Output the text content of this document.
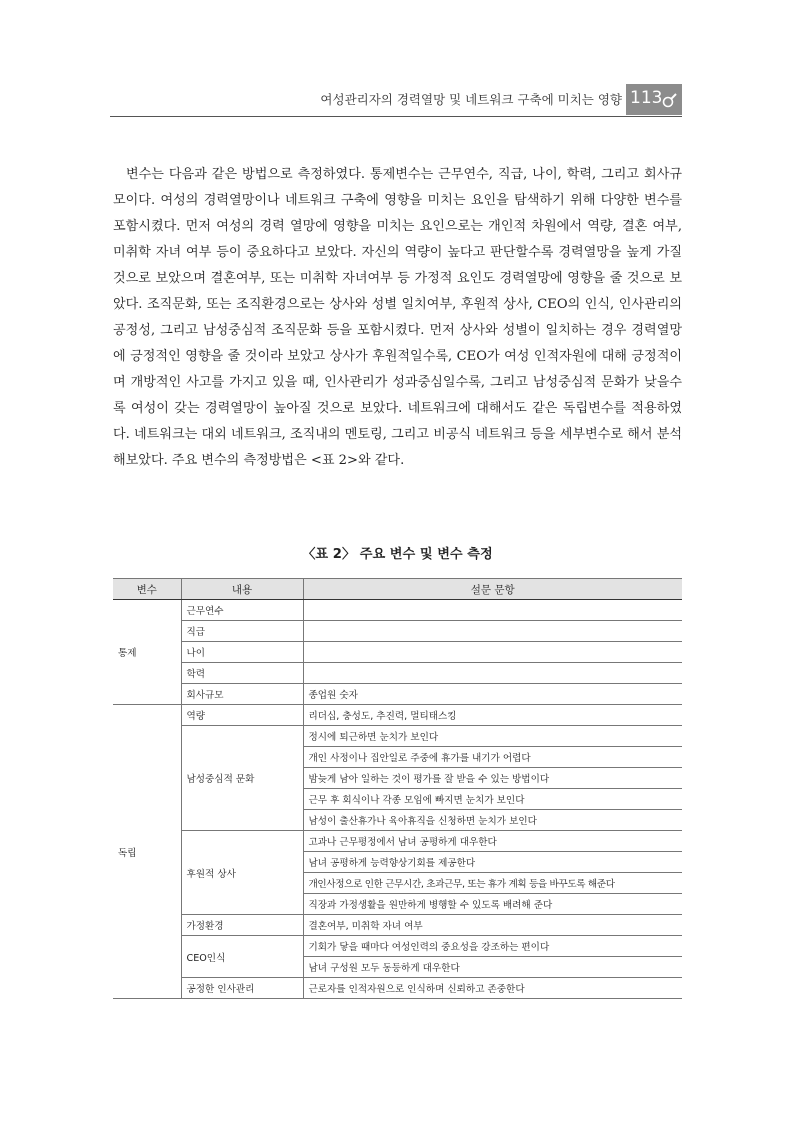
여성관리자의 경력열망 및 네트워크 구축에 미치는 영향 113

변수는 다음과 같은 방법으로 측정하였다. 통제변수는 근무연수, 직급, 나이, 학력, 그리고 회사규모이다. 여성의 경력열망이나 네트워크 구축에 영향을 미치는 요인을 탐색하기 위해 다양한 변수를 포함시켰다. 먼저 여성의 경력 열망에 영향을 미치는 요인으로는 개인적 차원에서 역량, 결혼 여부, 미취학 자녀 여부 등이 중요하다고 보았다. 자신의 역량이 높다고 판단할수록 경력열망을 높게 가질 것으로 보았으며 결혼여부, 또는 미취학 자녀여부 등 가정적 요인도 경력열망에 영향을 줄 것으로 보았다. 조직문화, 또는 조직환경으로는 상사와 성별 일치여부, 후원적 상사, CEO의 인식, 인사관리의 공정성, 그리고 남성중심적 조직문화 등을 포함시켰다. 먼저 상사와 성별이 일치하는 경우 경력열망에 긍정적인 영향을 줄 것이라 보았고 상사가 후원적일수록, CEO가 여성 인적자원에 대해 긍정적이며 개방적인 사고를 가지고 있을 때, 인사관리가 성과중심일수록, 그리고 남성중심적 문화가 낮을수록 여성이 갖는 경력열망이 높아질 것으로 보았다. 네트워크에 대해서도 같은 독립변수를 적용하였다. 네트워크는 대외 네트워크, 조직내의 멘토링, 그리고 비공식 네트워크 등을 세부변수로 해서 분석해보았다. 주요 변수의 측정방법은 <표 2>와 같다.

〈표 2〉 주요 변수 및 변수 측정
변수	내용	설문 문항
통제	근무연수	
	직급	
	나이	
	학력	
	회사규모	종업원 숫자
독립	역량	리더십, 충성도, 추진력, 멀티태스킹
	남성중심적 문화	정시에 퇴근하면 눈치가 보인다
		개인 사정이나 집안일로 주중에 휴가를 내기가 어렵다
		밤늦게 남아 일하는 것이 평가를 잘 받을 수 있는 방법이다
		근무 후 회식이나 각종 모임에 빠지면 눈치가 보인다
		남성이 출산휴가나 육아휴직을 신청하면 눈치가 보인다
	후원적 상사	고과나 근무평정에서 남녀 공평하게 대우한다
		남녀 공평하게 능력향상기회를 제공한다
		개인사정으로 인한 근무시간, 초과근무, 또는 휴가 계획 등을 바꾸도록 해준다
		직장과 가정생활을 원만하게 병행할 수 있도록 배려해 준다
	가정환경	결혼여부, 미취학 자녀 여부
	CEO인식	기회가 닿을 때마다 여성인력의 중요성을 강조하는 편이다
		남녀 구성원 모두 동등하게 대우한다
	공정한 인사관리	근로자를 인적자원으로 인식하며 신뢰하고 존중한다
